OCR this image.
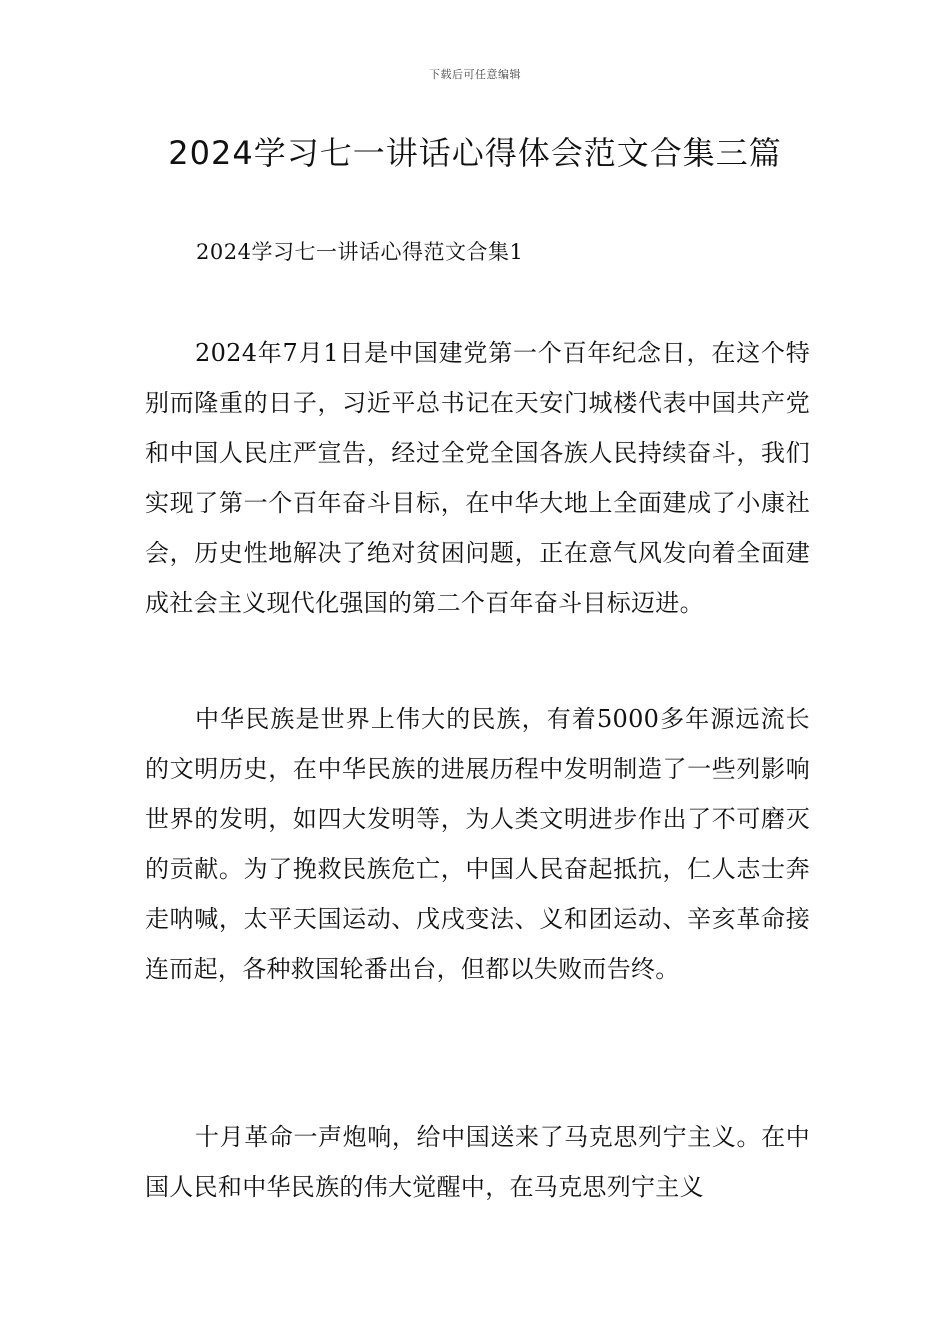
下载后可任意编辑
2024学习七一讲话心得体会范文合集三篇
2024学习七一讲话心得范文合集1

2024年7月1日是中国建党第一个百年纪念日，在这个特别而隆重的日子，习近平总书记在天安门城楼代表中国共产党和中国人民庄严宣告，经过全党全国各族人民持续奋斗，我们实现了第一个百年奋斗目标，在中华大地上全面建成了小康社会，历史性地解决了绝对贫困问题，正在意气风发向着全面建成社会主义现代化强国的第二个百年奋斗目标迈进。

中华民族是世界上伟大的民族，有着5000多年源远流长的文明历史，在中华民族的进展历程中发明制造了一些列影响世界的发明，如四大发明等，为人类文明进步作出了不可磨灭的贡献。为了挽救民族危亡，中国人民奋起抵抗，仁人志士奔走呐喊，太平天国运动、戊戌变法、义和团运动、辛亥革命接连而起，各种救国轮番出台，但都以失败而告终。

十月革命一声炮响，给中国送来了马克思列宁主义。在中国人民和中华民族的伟大觉醒中，在马克思列宁主义
